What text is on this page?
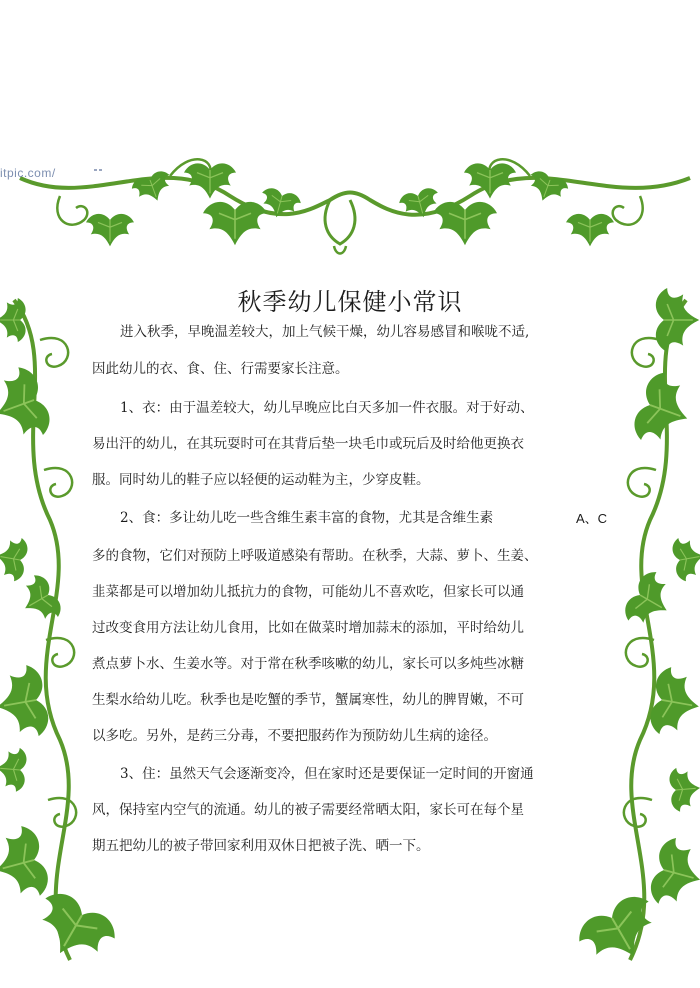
itpic.com/
秋季幼儿保健小常识
进入秋季，早晚温差较大，加上气候干燥，幼儿容易感冒和喉咙不适,
因此幼儿的衣、食、住、行需要家长注意。
1、衣：由于温差较大，幼儿早晚应比白天多加一件衣服。对于好动、
易出汗的幼儿，在其玩耍时可在其背后垫一块毛巾或玩后及时给他更换衣
服。同时幼儿的鞋子应以轻便的运动鞋为主，少穿皮鞋。
2、食：多让幼儿吃一些含维生素丰富的食物，尤其是含维生素	A、C
多的食物，它们对预防上呼吸道感染有帮助。在秋季，大蒜、萝卜、生姜、
韭菜都是可以增加幼儿抵抗力的食物，可能幼儿不喜欢吃，但家长可以通
过改变食用方法让幼儿食用，比如在做菜时增加蒜末的添加，平时给幼儿
煮点萝卜水、生姜水等。对于常在秋季咳嗽的幼儿，家长可以多炖些冰糖
生梨水给幼儿吃。秋季也是吃蟹的季节，蟹属寒性，幼儿的脾胃嫩，不可
以多吃。另外，是药三分毒，不要把服药作为预防幼儿生病的途径。
3、住：虽然天气会逐渐变冷，但在家时还是要保证一定时间的开窗通
风，保持室内空气的流通。幼儿的被子需要经常晒太阳，家长可在每个星
期五把幼儿的被子带回家利用双休日把被子洗、晒一下。
